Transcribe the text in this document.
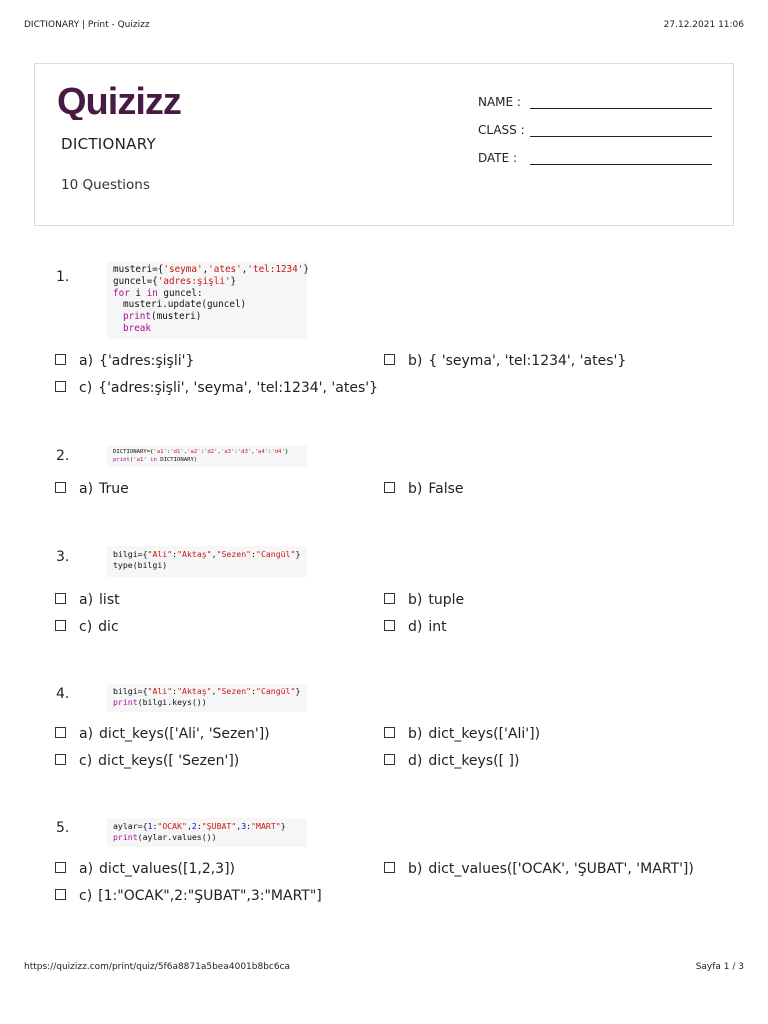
DICTIONARY | Print - Quizizz	27.12.2021 11:06
Quizizz
DICTIONARY
10 Questions
NAME :
CLASS :
DATE :
1.	musteri={'seyma','ates','tel:1234'}
guncel={'adres:şişli'}
for i in guncel:
musteri.update(guncel)
print(musteri)
break
a) {'adres:şişli'}	b) { 'seyma', 'tel:1234', 'ates'}
c) {'adres:şişli', 'seyma', 'tel:1234', 'ates'}
2.	DICTIONARY={'a1':'d1','a2':'d2','a3':'d3','a4':'d4'}
print('a1' in DICTIONARY)
a) True	b) False
3.	bilgi={"Ali":"Aktaş","Sezen":"Cangül"}
type(bilgi)
a) list	b) tuple
c) dic	d) int
4.	bilgi={"Ali":"Aktaş","Sezen":"Cangül"}
print(bilgi.keys())
a) dict_keys(['Ali', 'Sezen'])	b) dict_keys(['Ali'])
c) dict_keys([ 'Sezen'])	d) dict_keys([ ])
5.	aylar={1:"OCAK",2:"ŞUBAT",3:"MART"}
print(aylar.values())
a) dict_values([1,2,3])	b) dict_values(['OCAK', 'ŞUBAT', 'MART'])
c) [1:"OCAK",2:"ŞUBAT",3:"MART"]
https://quizizz.com/print/quiz/5f6a8871a5bea4001b8bc6ca	Sayfa 1 / 3
